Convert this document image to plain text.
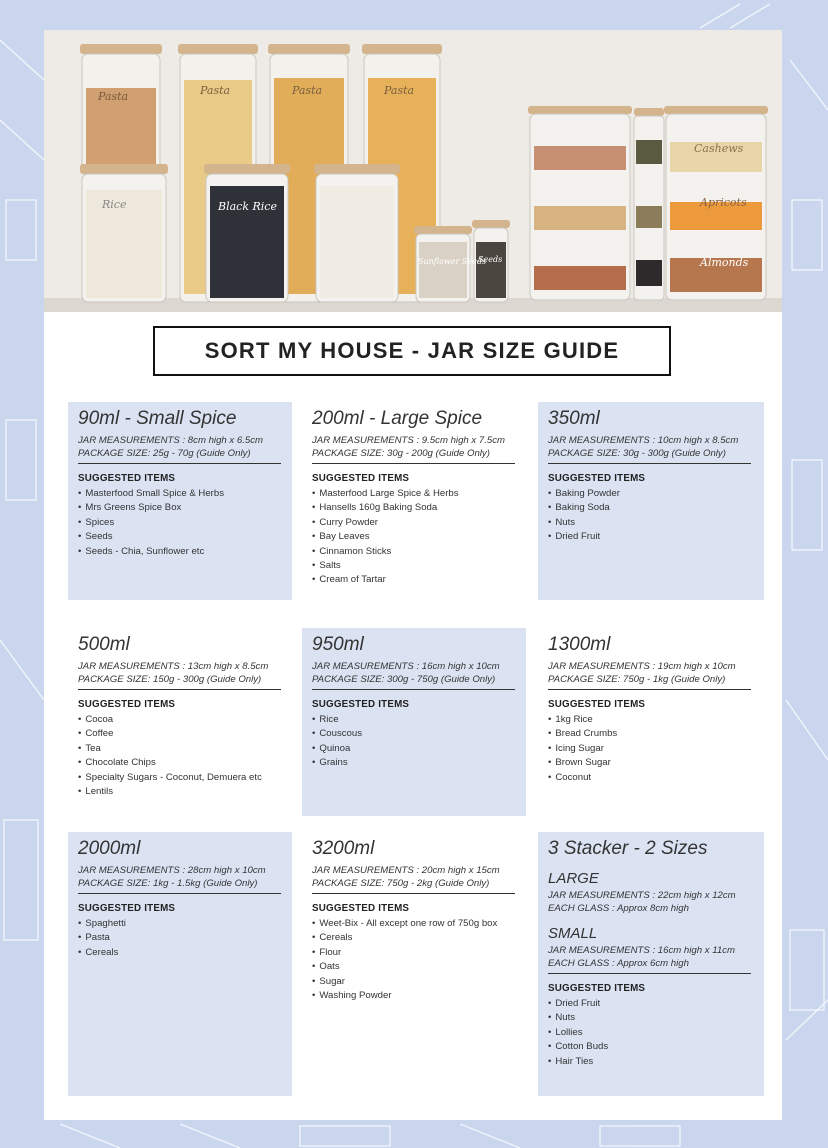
Pasta	Pasta	Pasta	Pasta
Rice	Black Rice
Sunflower Seeds
Seeds
Cashews
Apricots
Almonds
SORT MY HOUSE - JAR SIZE GUIDE
90ml - Small Spice
JAR MEASUREMENTS : 8cm high x 6.5cm
PACKAGE SIZE: 25g - 70g (Guide Only)
SUGGESTED ITEMS
• Masterfood Small Spice & Herbs
• Mrs Greens Spice Box
• Spices
• Seeds
• Seeds - Chia, Sunflower etc
200ml - Large Spice
JAR MEASUREMENTS : 9.5cm high x 7.5cm
PACKAGE SIZE: 30g - 200g (Guide Only)
SUGGESTED ITEMS
• Masterfood Large Spice & Herbs
• Hansells 160g Baking Soda
• Curry Powder
• Bay Leaves
• Cinnamon Sticks
• Salts
• Cream of Tartar
350ml
JAR MEASUREMENTS : 10cm high x 8.5cm
PACKAGE SIZE: 30g - 300g (Guide Only)
SUGGESTED ITEMS
• Baking Powder
• Baking Soda
• Nuts
• Dried Fruit
500ml
JAR MEASUREMENTS : 13cm high x 8.5cm
PACKAGE SIZE: 150g - 300g (Guide Only)
SUGGESTED ITEMS
• Cocoa
• Coffee
• Tea
• Chocolate Chips
• Specialty Sugars - Coconut, Demuera etc
• Lentils
950ml
JAR MEASUREMENTS : 16cm high x 10cm
PACKAGE SIZE: 300g - 750g (Guide Only)
SUGGESTED ITEMS
• Rice
• Couscous
• Quinoa
• Grains
1300ml
JAR MEASUREMENTS : 19cm high x 10cm
PACKAGE SIZE: 750g - 1kg (Guide Only)
SUGGESTED ITEMS
• 1kg Rice
• Bread Crumbs
• Icing Sugar
• Brown Sugar
• Coconut
2000ml
JAR MEASUREMENTS : 28cm high x 10cm
PACKAGE SIZE: 1kg - 1.5kg (Guide Only)
SUGGESTED ITEMS
• Spaghetti
• Pasta
• Cereals
3200ml
JAR MEASUREMENTS : 20cm high x 15cm
PACKAGE SIZE: 750g - 2kg (Guide Only)
SUGGESTED ITEMS
• Weet-Bix - All except one row of 750g box
• Cereals
• Flour
• Oats
• Sugar
• Washing Powder
3 Stacker - 2 Sizes
LARGE
JAR MEASUREMENTS : 22cm high x 12cm
EACH GLASS : Approx 8cm high
SMALL
JAR MEASUREMENTS : 16cm high x 11cm
EACH GLASS : Approx 6cm high
SUGGESTED ITEMS
• Dried Fruit
• Nuts
• Lollies
• Cotton Buds
• Hair Ties
